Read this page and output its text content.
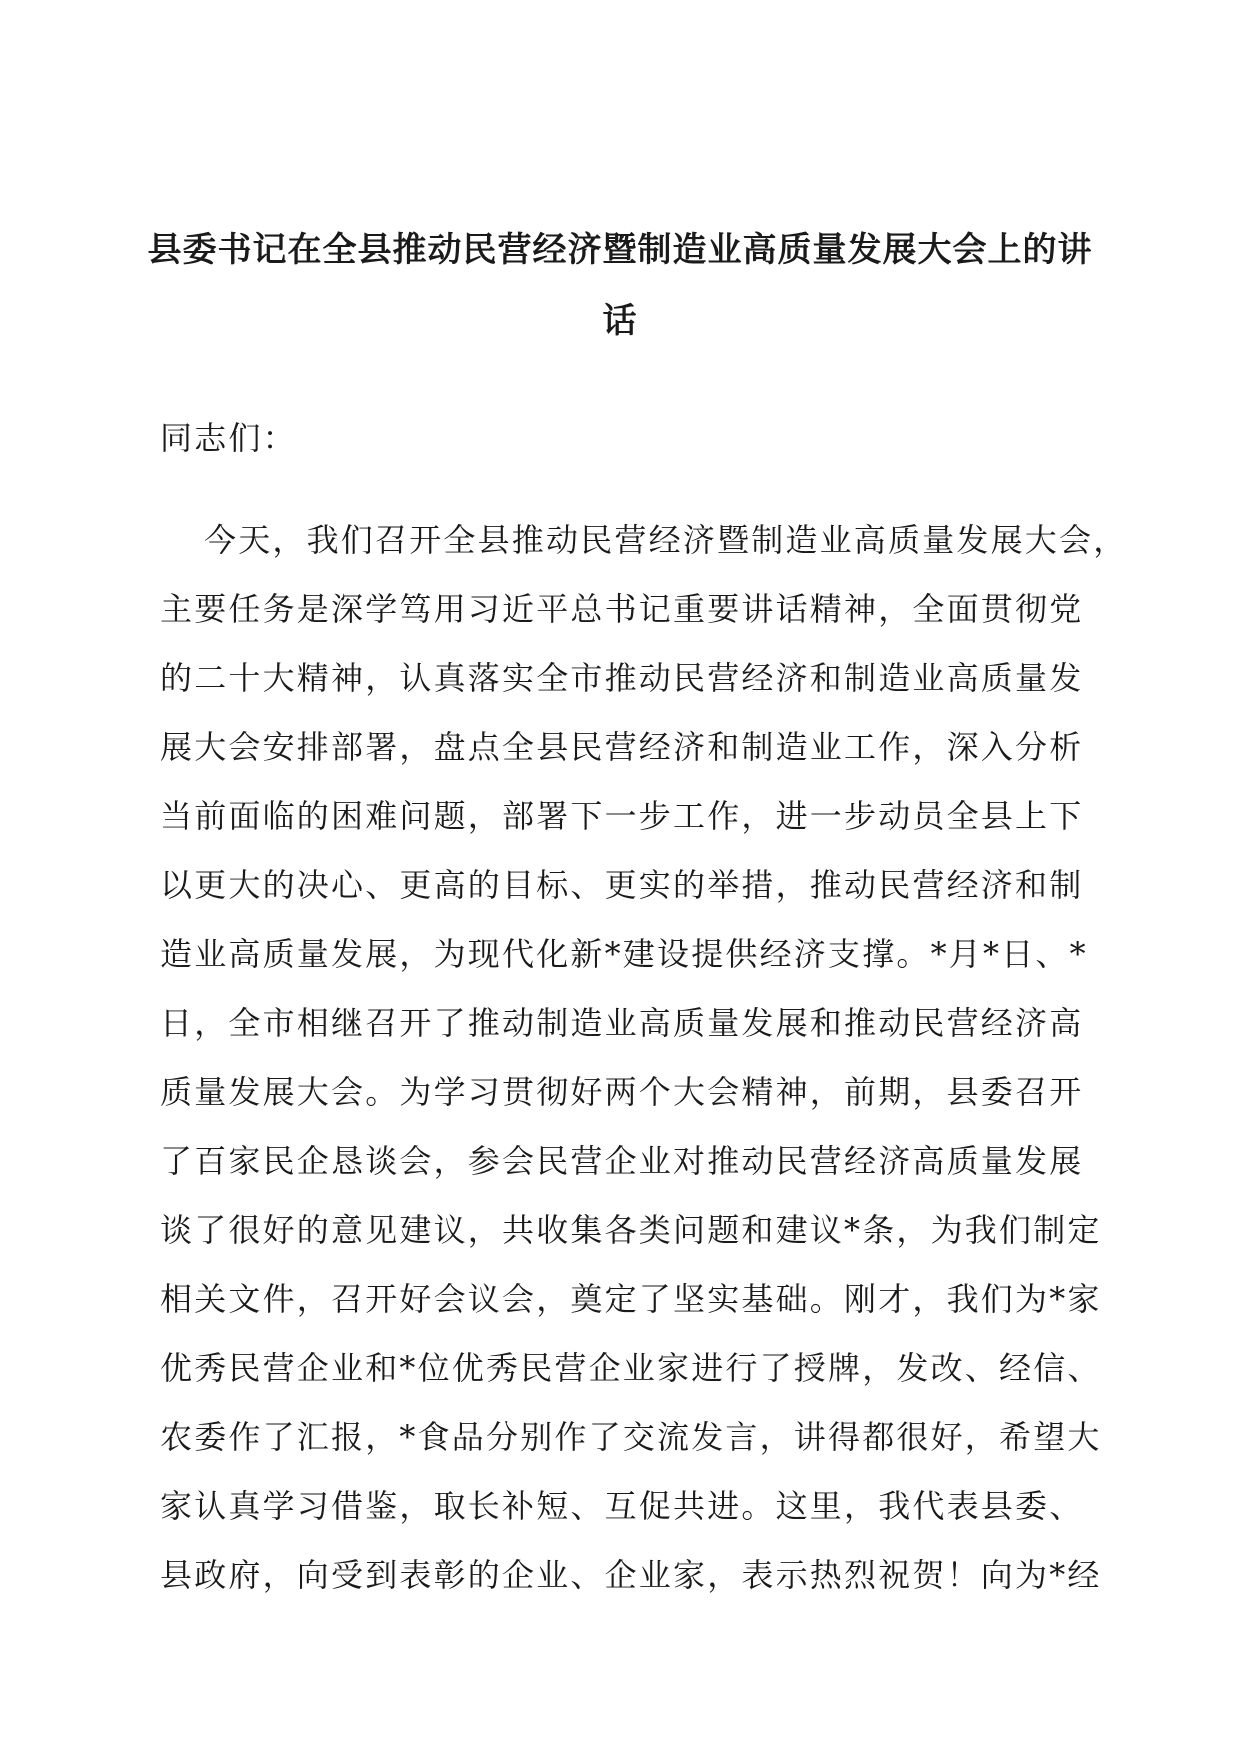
县委书记在全县推动民营经济暨制造业高质量发展大会上的讲
话
同志们：
今天，我们召开全县推动民营经济暨制造业高质量发展大会，
主要任务是深学笃用习近平总书记重要讲话精神，全面贯彻党
的二十大精神，认真落实全市推动民营经济和制造业高质量发
展大会安排部署，盘点全县民营经济和制造业工作，深入分析
当前面临的困难问题，部署下一步工作，进一步动员全县上下
以更大的决心、更高的目标、更实的举措，推动民营经济和制
造业高质量发展，为现代化新*建设提供经济支撑。*月*日、*
日，全市相继召开了推动制造业高质量发展和推动民营经济高
质量发展大会。为学习贯彻好两个大会精神，前期，县委召开
了百家民企恳谈会，参会民营企业对推动民营经济高质量发展
谈了很好的意见建议，共收集各类问题和建议*条，为我们制定
相关文件，召开好会议会，奠定了坚实基础。刚才，我们为*家
优秀民营企业和*位优秀民营企业家进行了授牌，发改、经信、
农委作了汇报，*食品分别作了交流发言，讲得都很好，希望大
家认真学习借鉴，取长补短、互促共进。这里，我代表县委、
县政府，向受到表彰的企业、企业家，表示热烈祝贺！向为*经
